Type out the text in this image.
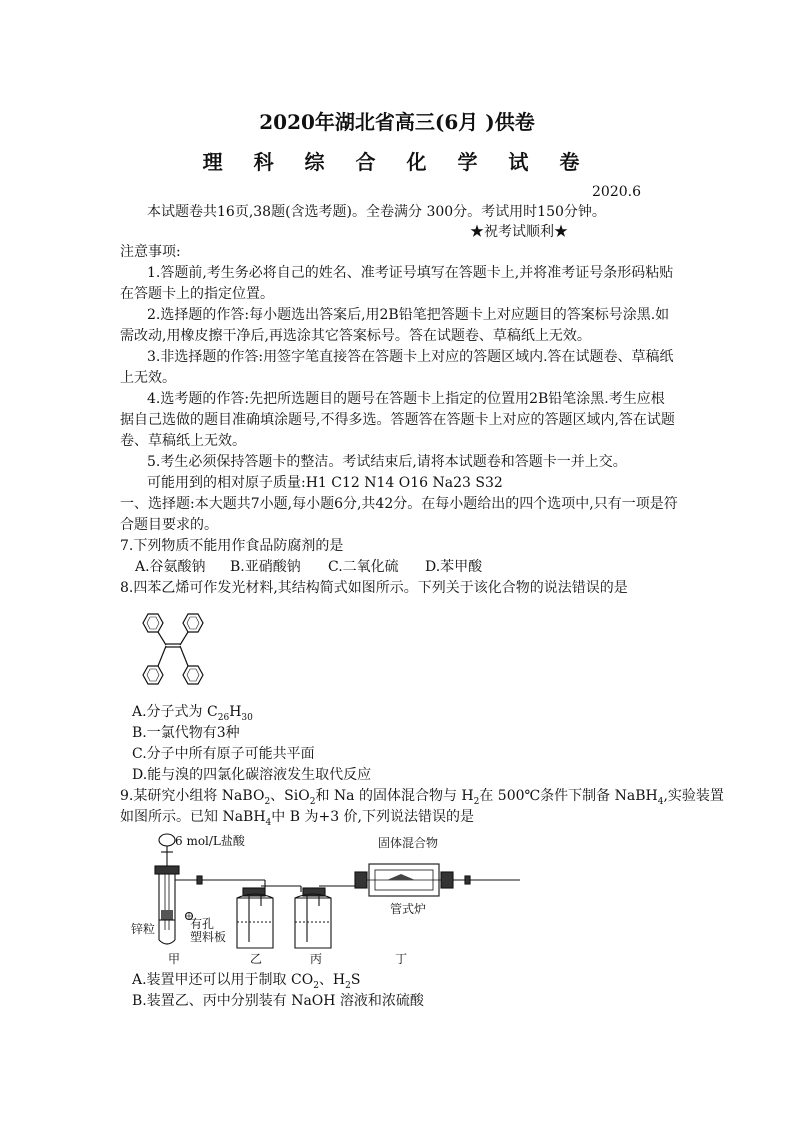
2020年湖北省高三(6月 )供卷
理 科 综 合 化 学 试 卷
2020.6
本试题卷共16页,38题(含选考题)。全卷满分 300分。考试用时150分钟。
★祝考试顺利★
注意事项:
1.答题前,考生务必将自己的姓名、准考证号填写在答题卡上,并将准考证号条形码粘贴
在答题卡上的指定位置。
2.选择题的作答:每小题选出答案后,用2B铅笔把答题卡上对应题目的答案标号涂黑.如
需改动,用橡皮擦干净后,再选涂其它答案标号。答在试题卷、草稿纸上无效。
3.非选择题的作答:用签字笔直接答在答题卡上对应的答题区域内.答在试题卷、草稿纸
上无效。
4.选考题的作答:先把所选题目的题号在答题卡上指定的位置用2B铅笔涂黑.考生应根
据自己选做的题目准确填涂题号,不得多选。答题答在答题卡上对应的答题区域内,答在试题
卷、草稿纸上无效。
5.考生必须保持答题卡的整洁。考试结束后,请将本试题卷和答题卡一并上交。
可能用到的相对原子质量:H1 C12 N14 O16 Na23 S32
一、选择题:本大题共7小题,每小题6分,共42分。在每小题给出的四个选项中,只有一项是符
合题目要求的。
7.下列物质不能用作食品防腐剂的是
A.谷氨酸钠 B.亚硝酸钠 C.二氧化硫 D.苯甲酸
8.四苯乙烯可作发光材料,其结构简式如图所示。下列关于该化合物的说法错误的是
A.分子式为 $C_{26}H_{30}$
B.一氯代物有3种
C.分子中所有原子可能共平面
D.能与溴的四氯化碳溶液发生取代反应
9.某研究小组将 NaBO$_2$、SiO$_2$和 Na 的固体混合物与 $H_2$在 500℃条件下制备 NaBH$_4$,实验装置
如图所示。已知 NaBH$_4$中 B 为+3 价,下列说法错误的是
6 mol/L盐酸	固体混合物
管式炉
锌粒	有孔
塑料板
甲	乙	丙	丁
A.装置甲还可以用于制取 $CO_2$、$H_2S$
B.装置乙、丙中分别装有 NaOH 溶液和浓硫酸
